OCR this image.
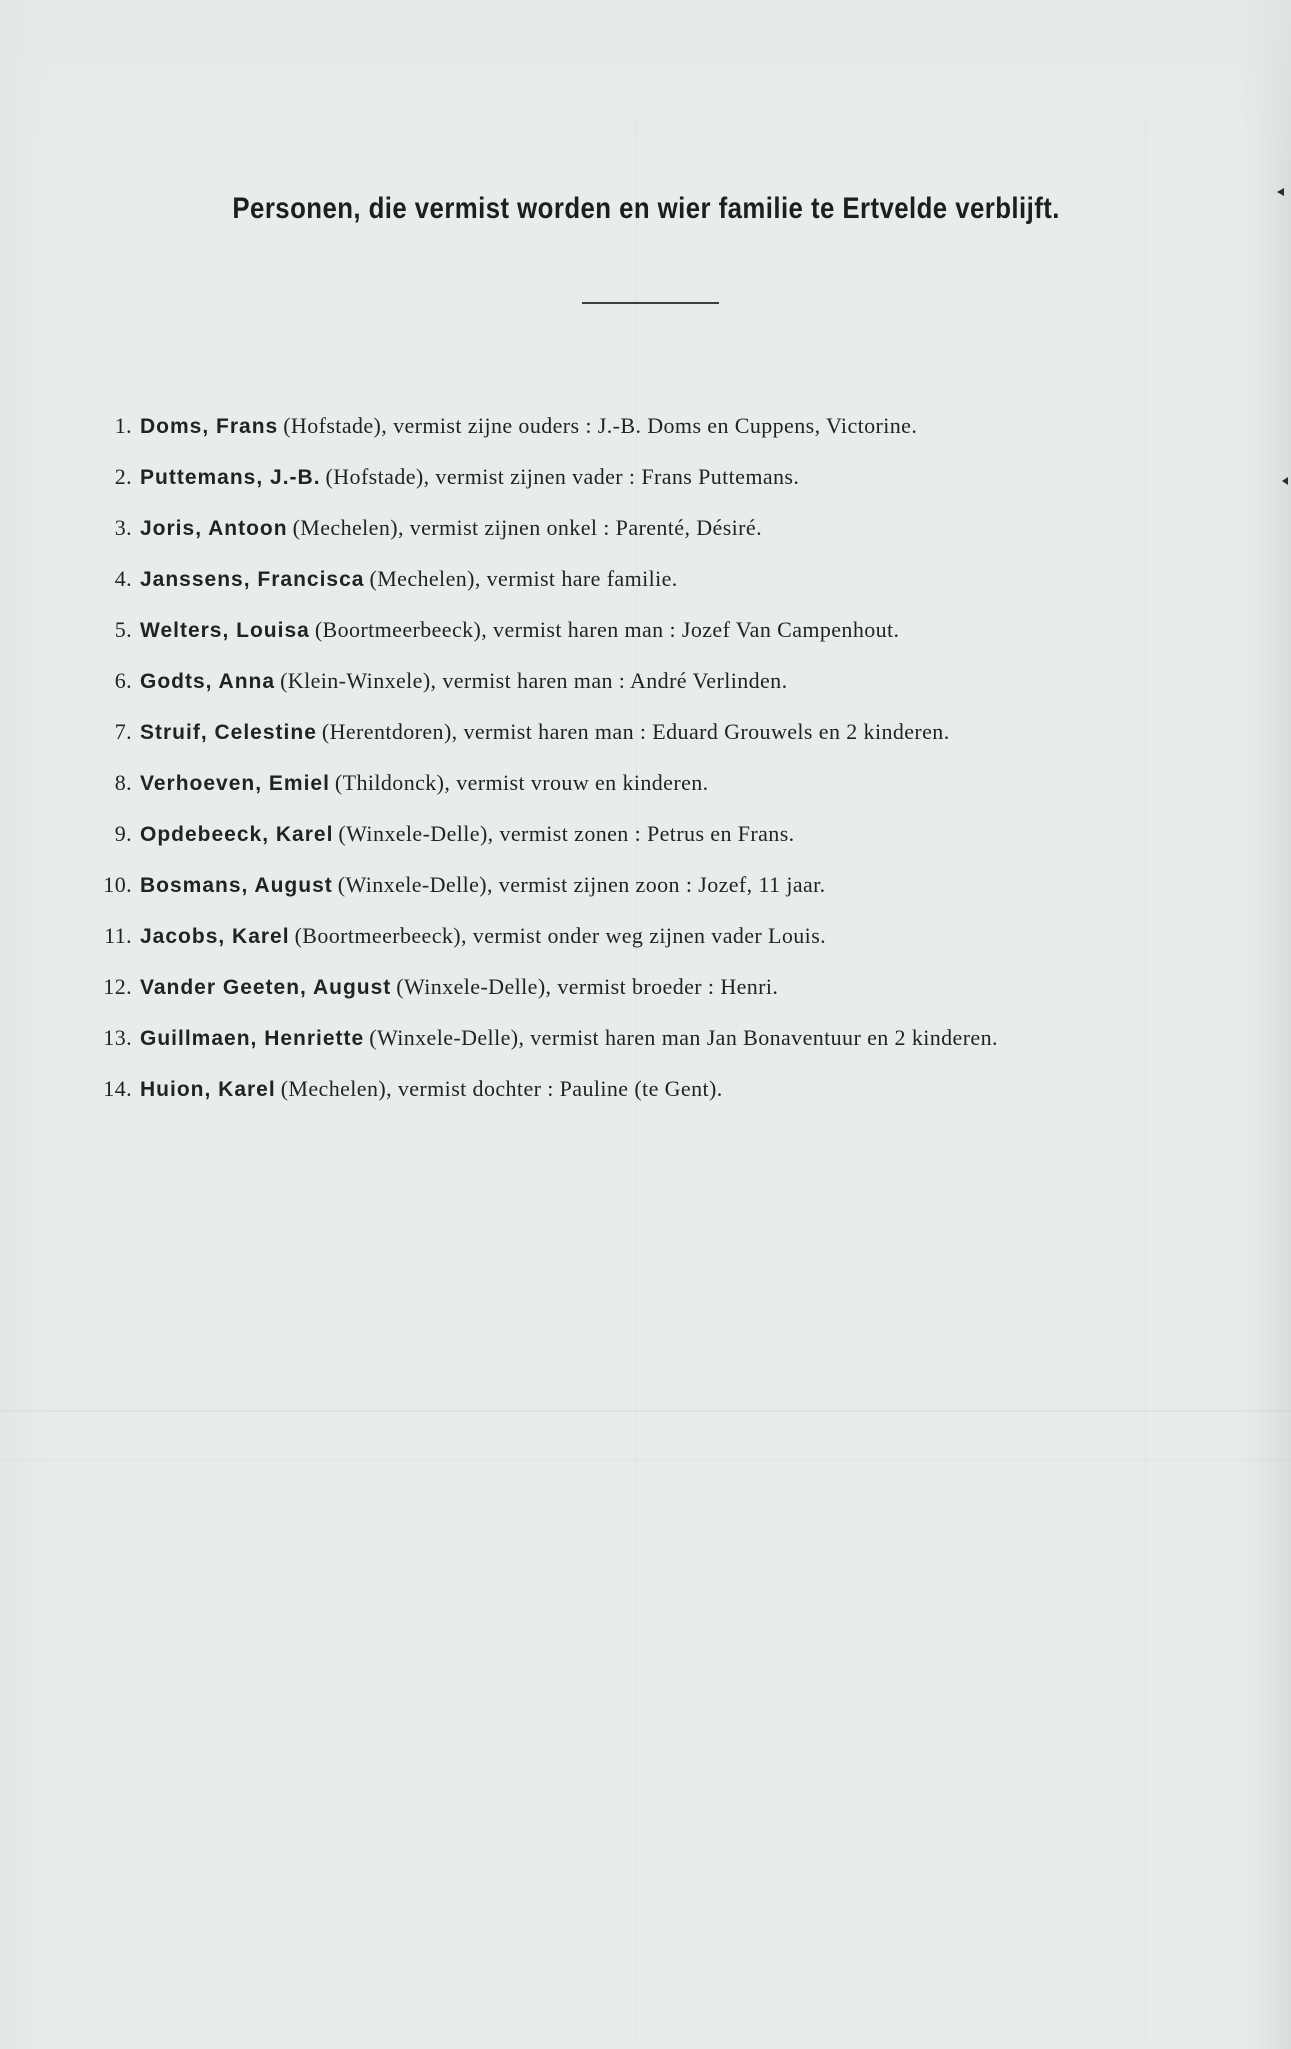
Personen, die vermist worden en wier familie te Ertvelde verblijft.
1. Doms, Frans (Hofstade), vermist zijne ouders : J.-B. Doms en Cuppens, Victorine.
2. Puttemans, J.-B. (Hofstade), vermist zijnen vader : Frans Puttemans.
3. Joris, Antoon (Mechelen), vermist zijnen onkel : Parenté, Désiré.
4. Janssens, Francisca (Mechelen), vermist hare familie.
5. Welters, Louisa (Boortmeerbeeck), vermist haren man : Jozef Van Campenhout.
6. Godts, Anna (Klein-Winxele), vermist haren man : André Verlinden.
7. Struif, Celestine (Herentdoren), vermist haren man : Eduard Grouwels en 2 kinderen.
8. Verhoeven, Emiel (Thildonck), vermist vrouw en kinderen.
9. Opdebeeck, Karel (Winxele-Delle), vermist zonen : Petrus en Frans.
10. Bosmans, August (Winxele-Delle), vermist zijnen zoon : Jozef, 11 jaar.
11. Jacobs, Karel (Boortmeerbeeck), vermist onder weg zijnen vader Louis.
12. Vander Geeten, August (Winxele-Delle), vermist broeder : Henri.
13. Guillmaen, Henriette (Winxele-Delle), vermist haren man Jan Bonaventuur en 2 kinderen.
14. Huion, Karel (Mechelen), vermist dochter : Pauline (te Gent).
